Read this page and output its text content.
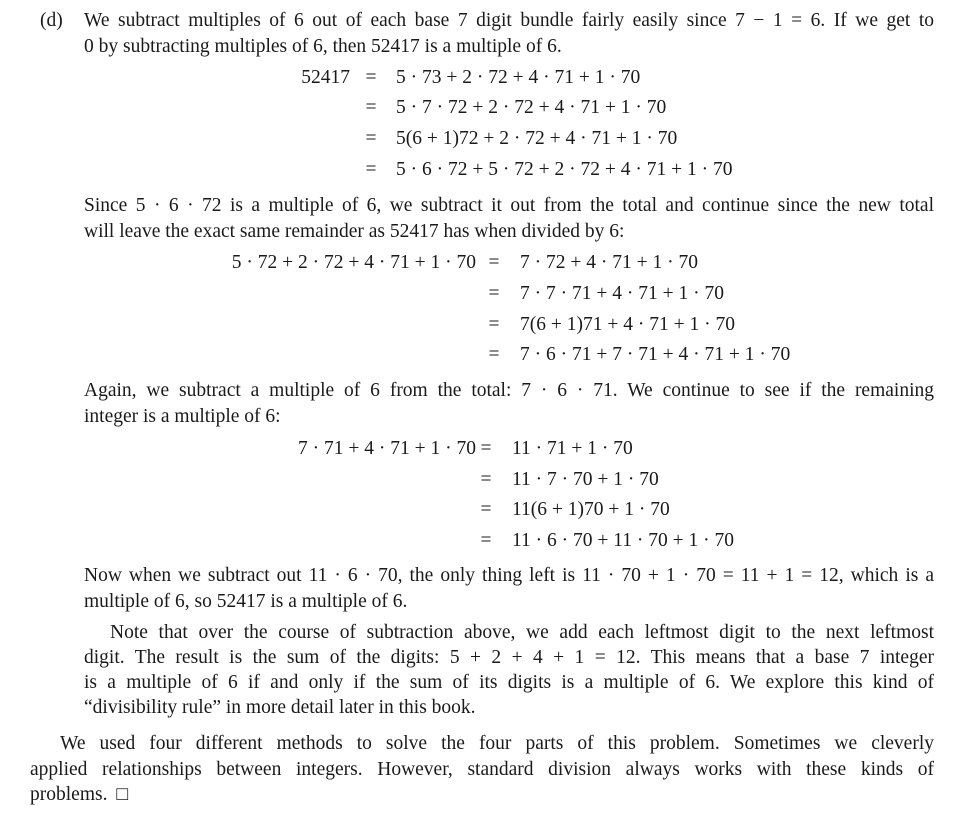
(d) We subtract multiples of 6 out of each base 7 digit bundle fairly easily since 7 − 1 = 6. If we get to
0 by subtracting multiples of 6, then 52417 is a multiple of 6.
52417 =	5 · 73 + 2 · 72 + 4 · 71 + 1 · 70
=	5 · 7 · 72 + 2 · 72 + 4 · 71 + 1 · 70
=	5(6 + 1)72 + 2 · 72 + 4 · 71 + 1 · 70
=	5 · 6 · 72 + 5 · 72 + 2 · 72 + 4 · 71 + 1 · 70
Since 5 · 6 · 72 is a multiple of 6, we subtract it out from the total and continue since the new total
will leave the exact same remainder as 52417 has when divided by 6:
5 · 72 + 2 · 72 + 4 · 71 + 1 · 70 =	7 · 72 + 4 · 71 + 1 · 70
=	7 · 7 · 71 + 4 · 71 + 1 · 70
=	7(6 + 1)71 + 4 · 71 + 1 · 70
=	7 · 6 · 71 + 7 · 71 + 4 · 71 + 1 · 70
Again, we subtract a multiple of 6 from the total: 7 · 6 · 71. We continue to see if the remaining
integer is a multiple of 6:
7 · 71 + 4 · 71 + 1 · 70 =	11 · 71 + 1 · 70
=	11 · 7 · 70 + 1 · 70
=	11(6 + 1)70 + 1 · 70
=	11 · 6 · 70 + 11 · 70 + 1 · 70
Now when we subtract out 11 · 6 · 70, the only thing left is 11 · 70 + 1 · 70 = 11 + 1 = 12, which is a
multiple of 6, so 52417 is a multiple of 6.
Note that over the course of subtraction above, we add each leftmost digit to the next leftmost
digit. The result is the sum of the digits: 5 + 2 + 4 + 1 = 12. This means that a base 7 integer
is a multiple of 6 if and only if the sum of its digits is a multiple of 6. We explore this kind of
“divisibility rule” in more detail later in this book.
We used four different methods to solve the four parts of this problem. Sometimes we cleverly
applied relationships between integers. However, standard division always works with these kinds of
problems. □
